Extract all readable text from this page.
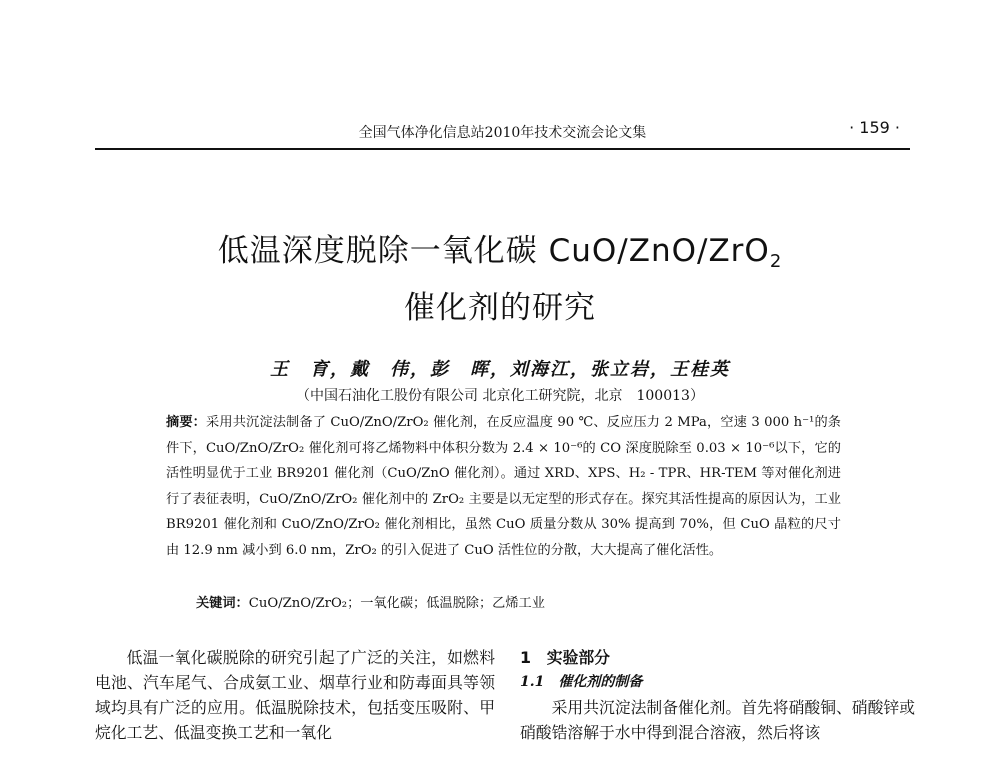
全国气体净化信息站2010年技术交流会论文集	· 159 ·
低温深度脱除一氧化碳 CuO/ZnO/ZrO$_2$
催化剂的研究
王　育，戴　伟，彭　晖，刘海江，张立岩，王桂英
（中国石油化工股份有限公司 北京化工研究院，北京　100013）
摘要：采用共沉淀法制备了 CuO/ZnO/ZrO₂ 催化剂，在反应温度 90 ℃、反应压力 2 MPa，空速 3 000 h⁻¹的条件下，CuO/ZnO/ZrO₂ 催化剂可将乙烯物料中体积分数为 2.4 × 10⁻⁶的 CO 深度脱除至 0.03 × 10⁻⁶以下，它的活性明显优于工业 BR9201 催化剂（CuO/ZnO 催化剂）。通过 XRD、XPS、H₂ - TPR、HR-TEM 等对催化剂进行了表征表明，CuO/ZnO/ZrO₂ 催化剂中的 ZrO₂ 主要是以无定型的形式存在。探究其活性提高的原因认为，工业 BR9201 催化剂和 CuO/ZnO/ZrO₂ 催化剂相比，虽然 CuO 质量分数从 30% 提高到 70%，但 CuO 晶粒的尺寸由 12.9 nm 减小到 6.0 nm，ZrO₂ 的引入促进了 CuO 活性位的分散，大大提高了催化活性。
关键词：CuO/ZnO/ZrO₂；一氧化碳；低温脱除；乙烯工业

低温一氧化碳脱除的研究引起了广泛的关注，如燃料电池、汽车尾气、合成氨工业、烟草行业和防毒面具等领域均具有广泛的应用。低温脱除技术，包括变压吸附、甲烷化工艺、低温变换工艺和一氧化

1　实验部分
1.1　催化剂的制备

采用共沉淀法制备催化剂。首先将硝酸铜、硝酸锌或硝酸锆溶解于水中得到混合溶液，然后将该
